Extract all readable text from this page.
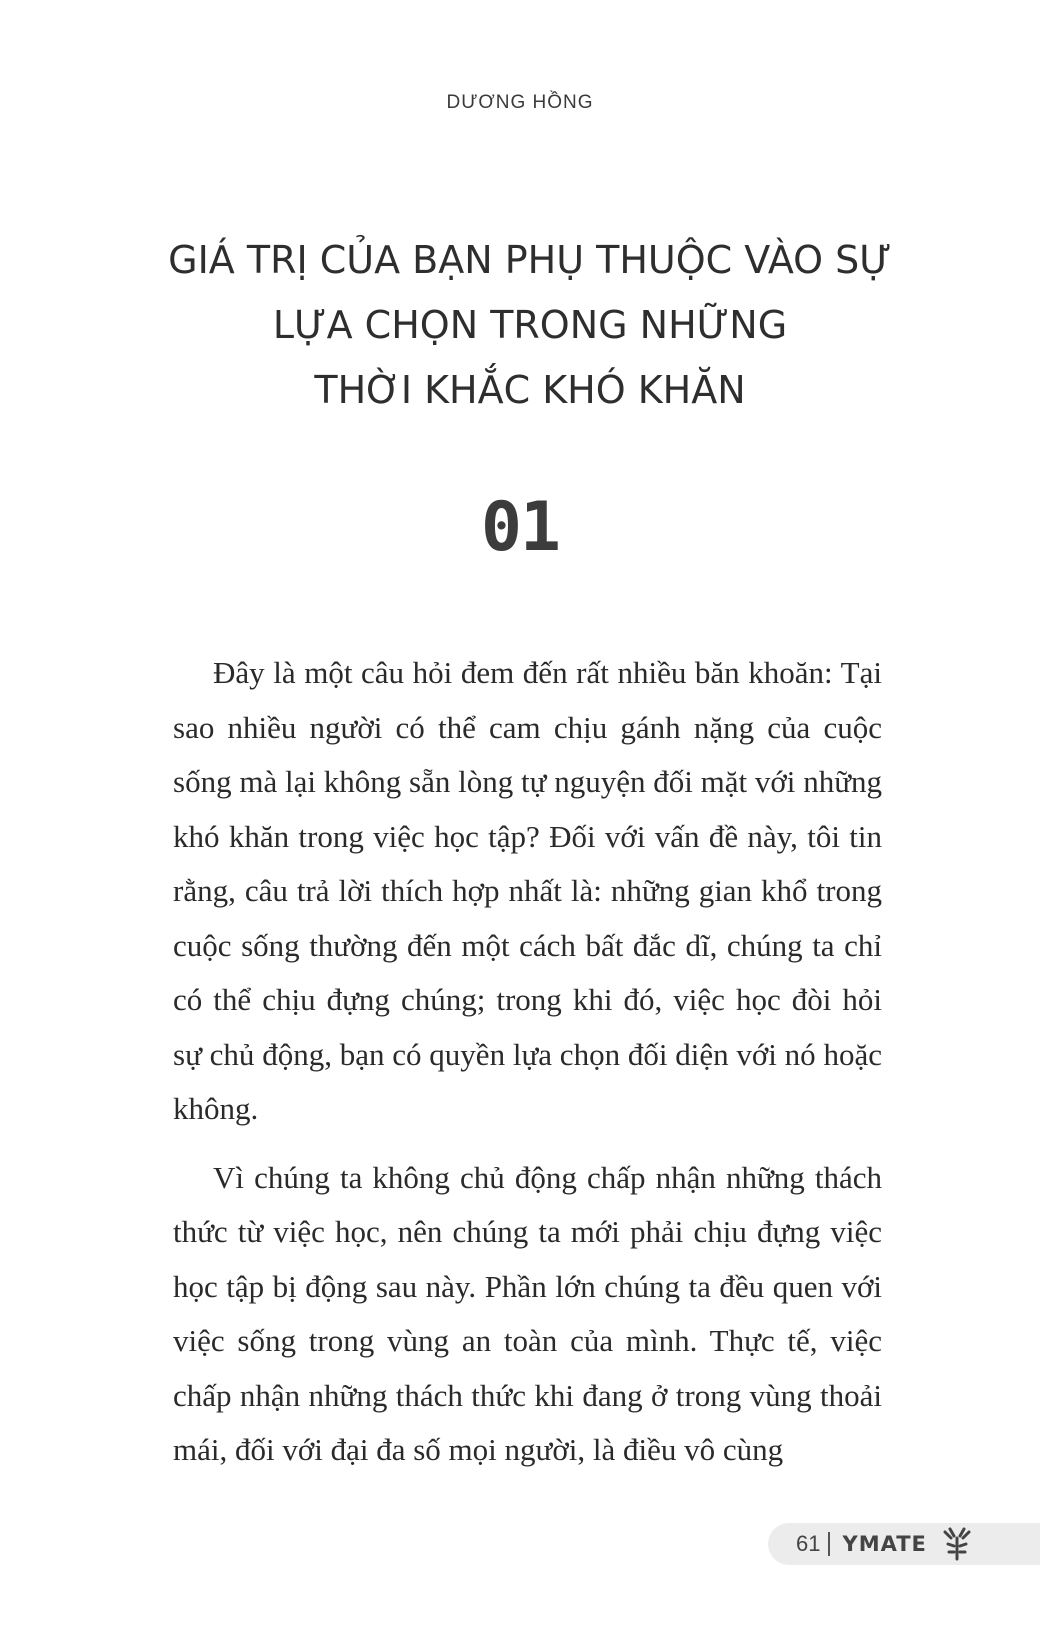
DƯƠNG HỒNG
GIÁ TRỊ CỦA BẠN PHỤ THUỘC VÀO SỰ
LỰA CHỌN TRONG NHỮNG
THỜI KHẮC KHÓ KHĂN
01

Đây là một câu hỏi đem đến rất nhiều băn khoăn: Tại sao nhiều người có thể cam chịu gánh nặng của cuộc sống mà lại không sẵn lòng tự nguyện đối mặt với những khó khăn trong việc học tập? Đối với vấn đề này, tôi tin rằng, câu trả lời thích hợp nhất là: những gian khổ trong cuộc sống thường đến một cách bất đắc dĩ, chúng ta chỉ có thể chịu đựng chúng; trong khi đó, việc học đòi hỏi sự chủ động, bạn có quyền lựa chọn đối diện với nó hoặc không.

Vì chúng ta không chủ động chấp nhận những thách thức từ việc học, nên chúng ta mới phải chịu đựng việc học tập bị động sau này. Phần lớn chúng ta đều quen với việc sống trong vùng an toàn của mình. Thực tế, việc chấp nhận những thách thức khi đang ở trong vùng thoải mái, đối với đại đa số mọi người, là điều vô cùng

61 YMATE
